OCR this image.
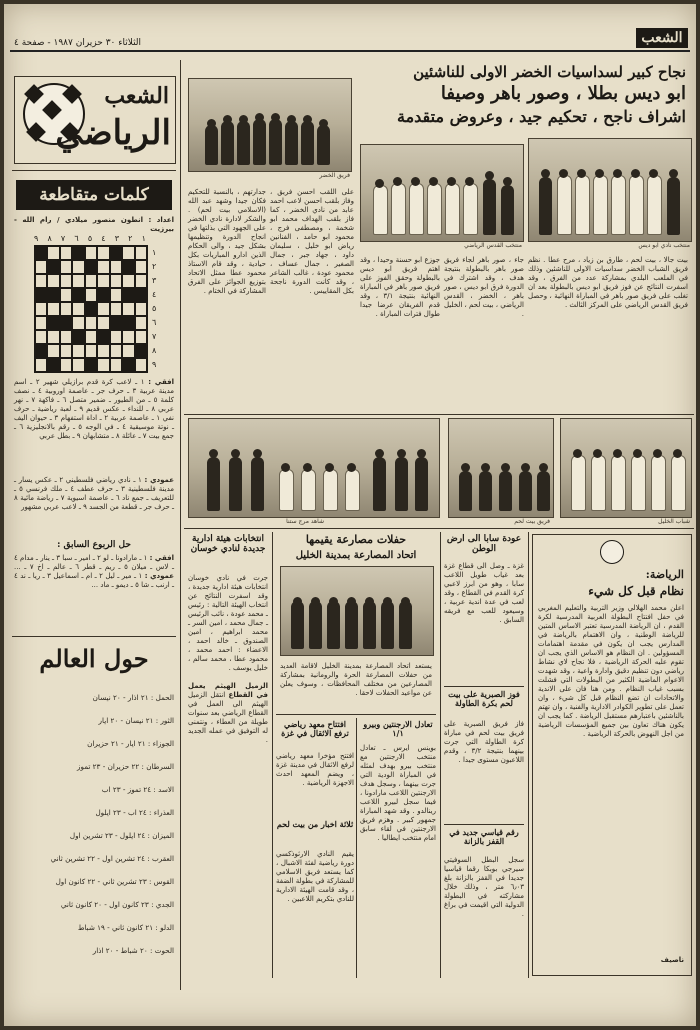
الثلاثاء ٣٠ حزيران ١٩٨٧ - صفحة ٤	الشعب
الشعب
الرياضي
كلمات متقاطعة
اعداد : انطون منصور ميلادي / رام الله - بيرزيت
٩ ٨ ٧ ٦ ٥ ٤ ٣ ٢ ١
١
٢
٣
٤
٥
٦
٧
٨
٩
افقي : ١ ـ لاعب كرة قدم برازيلي شهير ٢ ـ اسم مدينة عربية ٣ ـ حرف جر ـ عاصمة اوروبية ٤ ـ نصف كلمة ٥ ـ من الطيور ـ ضمير متصل ٦ ـ فاكهة ٧ ـ نهر عربي ٨ ـ للنداء ـ عكس قديم ٩ ـ لعبة رياضية ـ حرف نفي ١ ـ عاصمة عربية ٢ ـ اداة استفهام ٣ ـ حيوان اليف ـ نوتة موسيقية ٤ ـ في الوجه ٥ ـ رقم بالانجليزية ٦ ـ جمع بيت ٧ ـ عائلة ٨ ـ متشابهان ٩ ـ بطل عربي
عمودي : ١ ـ نادي رياضي فلسطيني ٢ ـ عكس يسار ـ مدينة فلسطينية ٣ ـ حرف عطف ٤ ـ ملك فرنسي ٥ ـ للتعريف ـ جمع ناد ٦ ـ عاصمة اسيوية ٧ ـ رياضة مائية ٨ ـ حرف جر ـ قطعة من الجسد ٩ ـ لاعب عربي مشهور
حل الربوع السابق :
افقي : ١ ـ مارادونا ـ لو ٢ ـ امير ـ سبا ٣ ـ ينار ـ مدام ٤ ـ لاس ـ ميلان ٥ ـ ريم ـ قطر ٦ ـ عالم ـ اخ ٧ ـ ... عمودي : ١ ـ مير ـ ليل ٢ ـ ام ـ اسماعيل ٣ ـ ريا ـ ند ٤ ـ ارنب ـ شا ٥ ـ ديمو ـ ماد ...
حول العالم
الحمل : ٢١ اذار - ٢٠ نيسان
الثور : ٢١ نيسان - ٢٠ ايار
الجوزاء : ٢١ ايار - ٢١ حزيران
السرطان : ٢٢ حزيران - ٢٣ تموز
الاسد : ٢٤ تموز - ٢٣ اب
العذراء : ٢٤ اب - ٢٣ ايلول
الميزان : ٢٤ ايلول - ٢٣ تشرين اول
العقرب : ٢٤ تشرين اول - ٢٢ تشرين ثاني
القوس : ٢٣ تشرين ثاني - ٢٢ كانون اول
الجدي : ٢٣ كانون اول - ٢٠ كانون ثاني
الدلو : ٢١ كانون ثاني - ١٩ شباط
الحوت : ٢٠ شباط - ٢٠ اذار
فريق الخضر
نجاح كبير لسداسيات الخضر الاولى للناشئين
ابو ديس بطلا ، وصور باهر وصيفا
اشراف ناجح ، تحكيم جيد ، وعروض متقدمة
منتخب القدس الرياضي	منتخب نادي ابو ديس
جدارتهم ، بالنسبة للتحكيم فكان جيدا وشهد عبد الله (الاسلامي بيت لحم) . والشكر لادارة نادي الخضر على الجهود التي بذلتها في انجاح الدورة وتنظيمها بشكل جيد ، والى الحكام الذين ادارو المباريات بكل حيادية ، وقد قام الاستاذ محمود عطا ممثل الاتحاد بتوزيع الجوائز على الفرق المشاركة في الختام .
على اللقب احسن فريق ، وفاز بلقب احسن لاعب احمد عابد من نادي الخضر ، كما فاز بلقب الهداف محمد ابو شخمة ، ومصطفى فرج ، محمود ابو حامد ، الفنانين رياض ابو خليل ، سليمان داود ، جهاد جبر ، جمال الصغير ، جمال عساف ، محمود عودة ، غالب الشاعر ، وقد كانت الدورة ناجحة بكل المقاييس .
جوزع ابو حسنة وحيدا ، وقد اهتم فريق ابو ديس بالبطولة وحقق الفوز على فريق صور باهر في المباراة النهائية بنتيجة ٣/١ ، وقد قدم الفريقان عرضا جيدا طوال فترات المباراة .
جاء ، صور باهر لجاء فريق صور باهر بالبطولة بنتيجة هدف ، وقد اشترك في الدورة فرق ابو ديس ، صور باهر ، الخضر ، القدس الرياضي ، بيت لحم ، الخليل .
بيت جالا ، بيت لحم ، طارق بن زياد ، مرح عطا . نظم فريق الشباب الخضر سداسيات الاولى للناشئين وذلك في الملعب البلدي بمشاركة عدد من الفرق ، وقد اسفرت النتائج عن فوز فريق ابو ديس بالبطولة بعد ان تغلب على فريق صور باهر في المباراة النهائية ، وحصل فريق القدس الرياضي على المركز الثالث .
شاهد مرج ستنا	فريق بيت لحم	شباب الخليل
انتخابات هيئة ادارية جديدة لنادي خوسان
جرت في نادي خوسان انتخابات هيئة ادارية جديدة ، وقد اسفرت النتائج عن انتخاب الهيئة التالية : رئيس ـ محمد عودة ، نائب الرئيس ـ جمال محمد ، امين السر ـ محمد ابراهيم ، امين الصندوق ـ خالد احمد ، الاعضاء : احمد محمد ، محمود عطا ، محمد سالم ، خليل يوسف .

الزميل الهيثم يعمل في القطاع انتقل الزميل الهيثم الى العمل في القطاع الرياضي بعد سنوات طويلة من العطاء ، ونتمنى له التوفيق في عمله الجديد .
حفلات مصارعة يقيمها
اتحاد المصارعة بمدينة الخليل
يستعد اتحاد المصارعة بمدينة الخليل لاقامة العديد من حفلات المصارعة الحرة والرومانية بمشاركة المصارعين من مختلف المحافظات ، وسوف يعلن عن مواعيد الحفلات لاحقا .
افتتاح معهد رياضي ترفع الاثقال في غزة
افتتح مؤخرا معهد رياضي لرفع الاثقال في مدينة غزة ، ويضم المعهد احدث الاجهزة الرياضية .
ثلاثة اخبار من بيت لحم
يقيم النادي الارثوذكسي دورة رياضية لفئة الاشبال ، كما يستعد فريق الاسلامي للمشاركة في بطولة الضفة ، وقد قامت الهيئة الادارية للنادي بتكريم اللاعبين .
تعادل الارجنتين وبيرو ١/١
بوينس ايرس ـ تعادل منتخب الارجنتين مع منتخب بيرو بهدف لمثله في المباراة الودية التي جرت بينهما ، وسجل هدف الارجنتين اللاعب مارادونا ، فيما سجل لبيرو اللاعب رينالدو . وقد شهد المباراة جمهور كبير . وهزم فريق الارجنتين في لقاء سابق امام منتخب ايطاليا .
عودة سابا الى ارض الوطن
غزة ـ وصل الى قطاع غزة بعد غياب طويل اللاعب سابا ، وهو من ابرز لاعبي كرة القدم في القطاع ، وقد لعب في عدة اندية عربية ، وسيعود للعب مع فريقه السابق .
فوز الصبرية على بيت لحم بكرة الطاولة
فاز فريق الصبرية على فريق بيت لحم في مباراة كرة الطاولة التي جرت بينهما بنتيجة ٣/٢ ، وقدم اللاعبون مستوى جيدا .
رقم قياسي جديد في القفز بالزانة
سجل البطل السوفيتي سيرجي بوبكا رقما قياسيا جديدا في القفز بالزانة بلغ ٦٫٠٣ متر ، وذلك خلال مشاركته في البطولة الدولية التي اقيمت في براغ .
الرياضة:
نظام قبل كل شيء
اعلن محمد الهلالي وزير التربية والتعليم المغربي في حفل افتتاح البطولة العربية المدرسية لكرة القدم ، ان الرياضة المدرسية تعتبر الاساس المتين للرياضة الوطنية ، وان الاهتمام بالرياضة في المدارس يجب ان يكون في مقدمة اهتمامات المسؤولين . ان النظام هو الاساس الذي يجب ان تقوم عليه الحركة الرياضية ، فلا نجاح لاي نشاط رياضي دون تنظيم دقيق وادارة واعية ، وقد شهدت الاعوام الماضية الكثير من البطولات التي فشلت بسبب غياب النظام . ومن هنا فان على الاندية والاتحادات ان تضع النظام قبل كل شيء ، وان تعمل على تطوير الكوادر الادارية والفنية ، وان تهتم بالناشئين باعتبارهم مستقبل الرياضة . كما يجب ان يكون هناك تعاون بين جميع المؤسسات الرياضية من اجل النهوض بالحركة الرياضية .
ناصيف
